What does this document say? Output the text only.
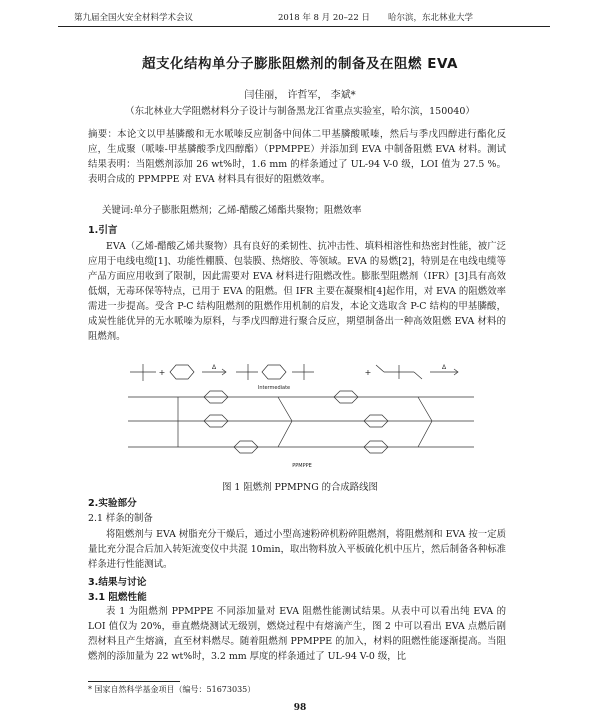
第九届全国火安全材料学术会议	2018 年 8 月 20–22 日 哈尔滨，东北林业大学
超支化结构单分子膨胀阻燃剂的制备及在阻燃 EVA
闫佳丽， 许哲军， 李斌*
（东北林业大学阻燃材料分子设计与制备黑龙江省重点实验室，哈尔滨，150040）
摘要：本论文以甲基膦酸和无水哌嗪反应制备中间体二甲基膦酸哌嗪，然后与季戊四醇进行酯化反应，生成聚（哌嗪-甲基膦酸季戊四醇酯）（PPMPPE）并添加到 EVA 中制备阻燃 EVA 材料。测试结果表明：当阻燃剂添加 26 wt%时，1.6 mm 的样条通过了 UL-94 V-0 级，LOI 值为 27.5 %。表明合成的 PPMPPE 对 EVA 材料具有很好的阻燃效率。
关键词:单分子膨胀阻燃剂；乙烯-醋酸乙烯酯共聚物；阻燃效率
1.引言
EVA（乙烯-醋酸乙烯共聚物）具有良好的柔韧性、抗冲击性、填料相溶性和热密封性能，被广泛应用于电线电缆[1]、功能性棚膜、包装膜、热熔胶、等领域。EVA 的易燃[2]，特别是在电线电缆等产品方面应用收到了限制，因此需要对 EVA 材料进行阻燃改性。膨胀型阻燃剂（IFR）[3]具有高效低烟，无毒环保等特点，已用于 EVA 的阻燃。但 IFR 主要在凝聚相[4]起作用，对 EVA 的阻燃效率需进一步提高。受含 P-C 结构阻燃剂的阻燃作用机制的启发，本论文选取含 P-C 结构的甲基膦酸，成炭性能优异的无水哌嗪为原料，与季戊四醇进行聚合反应，期望制备出一种高效阻燃 EVA 材料的阻燃剂。
+
Δ
Intermediate
+
Δ
PPMPPE
图 1 阻燃剂 PPMPNG 的合成路线图
2.实验部分
2.1 样条的制备
将阻燃剂与 EVA 树脂充分干燥后，通过小型高速粉碎机粉碎阻燃剂，将阻燃剂和 EVA 按一定质量比充分混合后加入转矩流变仪中共混 10min，取出物料放入平板硫化机中压片，然后制备各种标准样条进行性能测试。
3.结果与讨论
3.1 阻燃性能
表 1 为阻燃剂 PPMPPE 不同添加量对 EVA 阻燃性能测试结果。从表中可以看出纯 EVA 的 LOI 值仅为 20%，垂直燃烧测试无级别，燃烧过程中有熔滴产生，图 2 中可以看出 EVA 点燃后剧烈材料且产生熔滴，直至材料燃尽。随着阻燃剂 PPMPPE 的加入，材料的阻燃性能逐渐提高。当阻燃剂的添加量为 22 wt%时，3.2 mm 厚度的样条通过了 UL-94 V-0 级，比
* 国家自然科学基金项目（编号：51673035）
98
